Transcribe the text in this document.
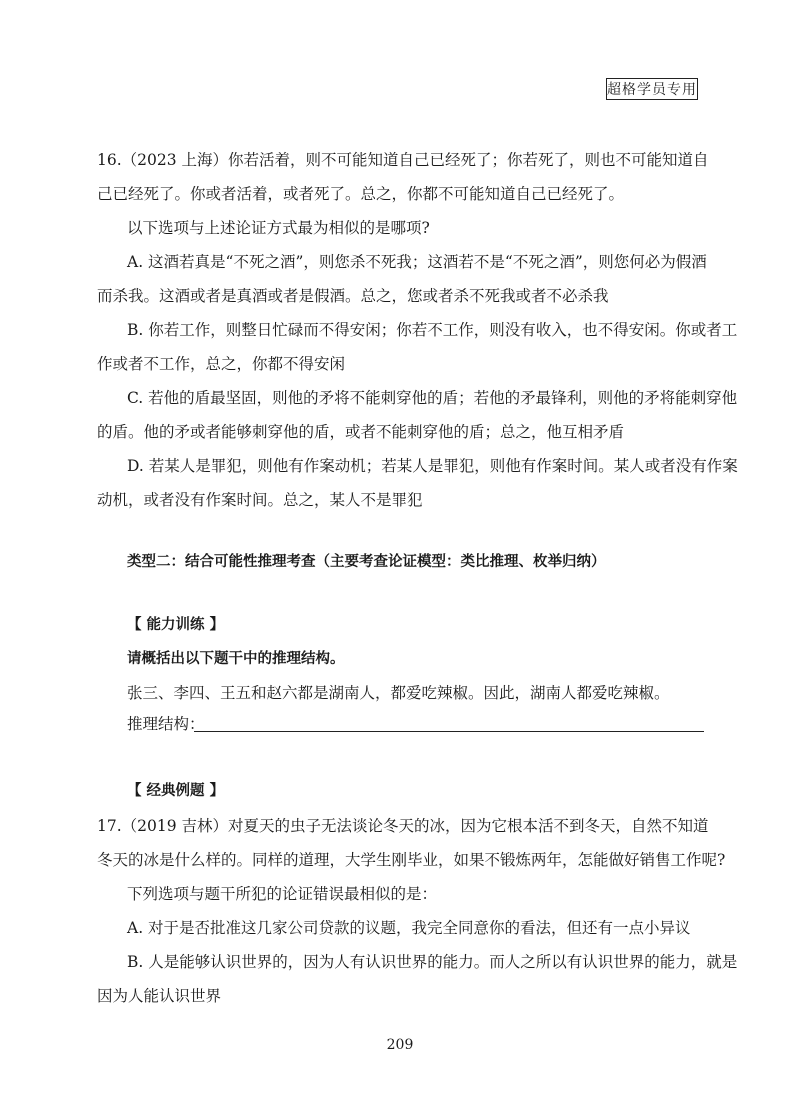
超格学员专用
16.（2023 上海）你若活着，则不可能知道自己已经死了；你若死了，则也不可能知道自
己已经死了。你或者活着，或者死了。总之，你都不可能知道自己已经死了。
以下选项与上述论证方式最为相似的是哪项?
A. 这酒若真是“不死之酒”，则您杀不死我；这酒若不是“不死之酒”，则您何必为假酒
而杀我。这酒或者是真酒或者是假酒。总之，您或者杀不死我或者不必杀我
B. 你若工作，则整日忙碌而不得安闲；你若不工作，则没有收入，也不得安闲。你或者工
作或者不工作，总之，你都不得安闲
C. 若他的盾最坚固，则他的矛将不能刺穿他的盾；若他的矛最锋利，则他的矛将能刺穿他
的盾。他的矛或者能够刺穿他的盾，或者不能刺穿他的盾；总之，他互相矛盾
D. 若某人是罪犯，则他有作案动机；若某人是罪犯，则他有作案时间。某人或者没有作案
动机，或者没有作案时间。总之，某人不是罪犯
类型二：结合可能性推理考查（主要考查论证模型：类比推理、枚举归纳）
【 能力训练 】
请概括出以下题干中的推理结构。
张三、李四、王五和赵六都是湖南人，都爱吃辣椒。因此，湖南人都爱吃辣椒。
推理结构：
【 经典例题 】
17.（2019 吉林）对夏天的虫子无法谈论冬天的冰，因为它根本活不到冬天，自然不知道
冬天的冰是什么样的。同样的道理，大学生刚毕业，如果不锻炼两年，怎能做好销售工作呢?
下列选项与题干所犯的论证错误最相似的是：
A. 对于是否批准这几家公司贷款的议题，我完全同意你的看法，但还有一点小异议
B. 人是能够认识世界的，因为人有认识世界的能力。而人之所以有认识世界的能力，就是
因为人能认识世界
209
